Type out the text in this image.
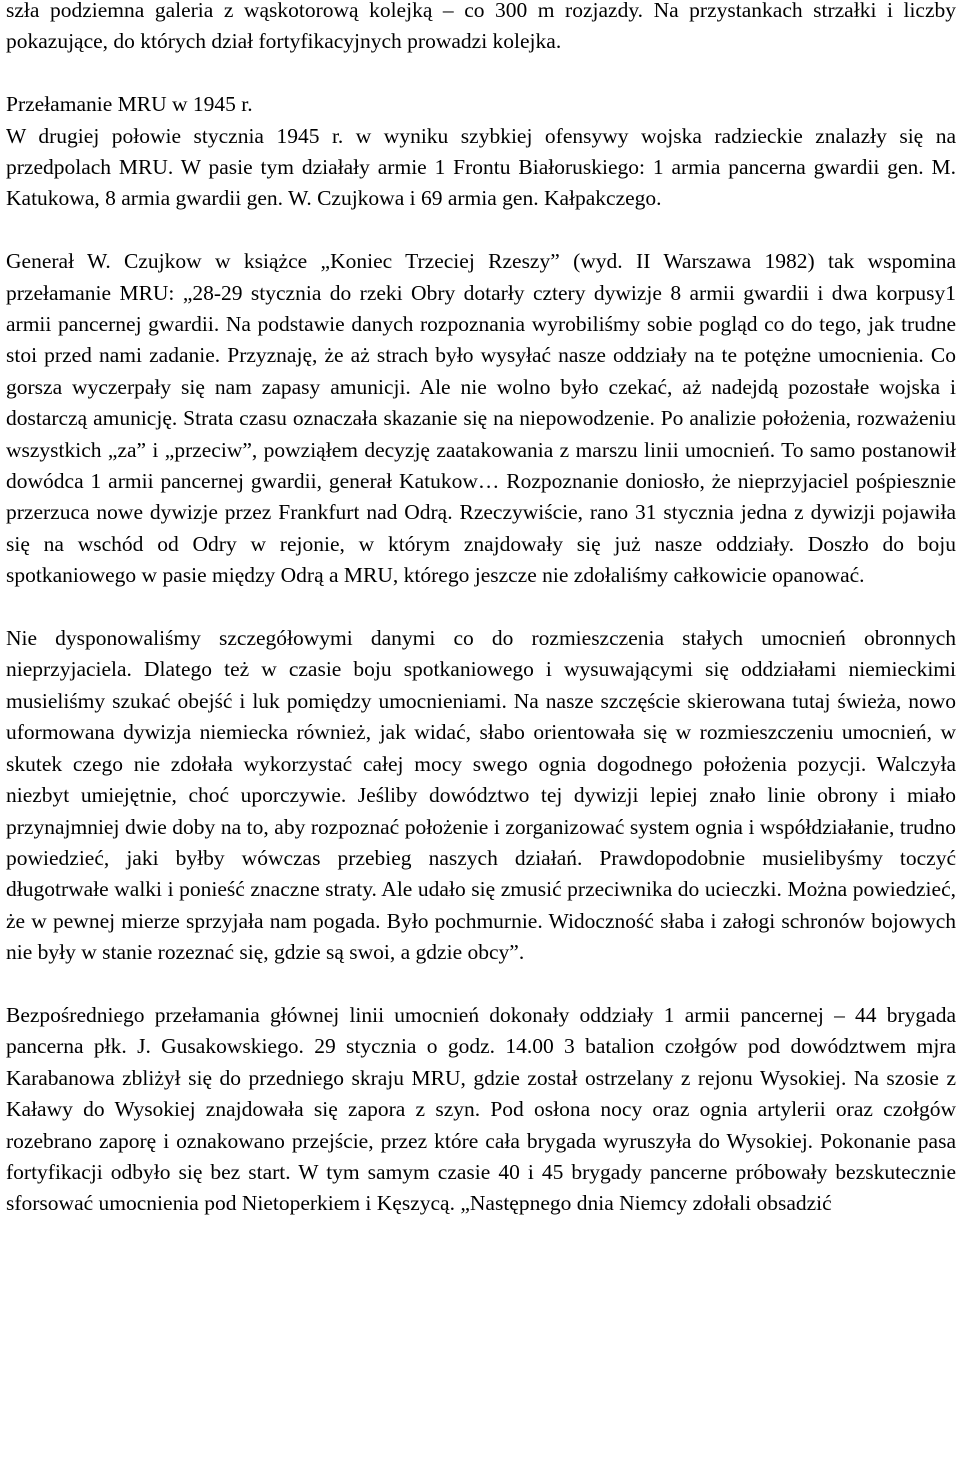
szła podziemna galeria z wąskotorową kolejką – co 300 m rozjazdy. Na przystankach strzałki i liczby pokazujące, do których dział fortyfikacyjnych prowadzi kolejka.

Przełamanie MRU w 1945 r.

W drugiej połowie stycznia 1945 r. w wyniku szybkiej ofensywy wojska radzieckie znalazły się na przedpolach MRU. W pasie tym działały armie 1 Frontu Białoruskiego: 1 armia pancerna gwardii gen. M. Katukowa, 8 armia gwardii gen. W. Czujkowa i 69 armia gen. Kałpakczego.

Generał W. Czujkow w książce „Koniec Trzeciej Rzeszy” (wyd. II Warszawa 1982) tak wspomina przełamanie MRU: „28-29 stycznia do rzeki Obry dotarły cztery dywizje 8 armii gwardii i dwa korpusy1 armii pancernej gwardii. Na podstawie danych rozpoznania wyrobiliśmy sobie pogląd co do tego, jak trudne stoi przed nami zadanie. Przyznaję, że aż strach było wysyłać nasze oddziały na te potężne umocnienia. Co gorsza wyczerpały się nam zapasy amunicji. Ale nie wolno było czekać, aż nadejdą pozostałe wojska i dostarczą amunicję. Strata czasu oznaczała skazanie się na niepowodzenie. Po analizie położenia, rozważeniu wszystkich „za” i „przeciw”, powziąłem decyzję zaatakowania z marszu linii umocnień. To samo postanowił dowódca 1 armii pancernej gwardii, generał Katukow… Rozpoznanie doniosło, że nieprzyjaciel pośpiesznie przerzuca nowe dywizje przez Frankfurt nad Odrą. Rzeczywiście, rano 31 stycznia jedna z dywizji pojawiła się na wschód od Odry w rejonie, w którym znajdowały się już nasze oddziały. Doszło do boju spotkaniowego w pasie między Odrą a MRU, którego jeszcze nie zdołaliśmy całkowicie opanować.

Nie dysponowaliśmy szczegółowymi danymi co do rozmieszczenia stałych umocnień obronnych nieprzyjaciela. Dlatego też w czasie boju spotkaniowego i wysuwającymi się oddziałami niemieckimi musieliśmy szukać obejść i luk pomiędzy umocnieniami. Na nasze szczęście skierowana tutaj świeża, nowo uformowana dywizja niemiecka również, jak widać, słabo orientowała się w rozmieszczeniu umocnień, w skutek czego nie zdołała wykorzystać całej mocy swego ognia dogodnego położenia pozycji. Walczyła niezbyt umiejętnie, choć uporczywie. Jeśliby dowództwo tej dywizji lepiej znało linie obrony i miało przynajmniej dwie doby na to, aby rozpoznać położenie i zorganizować system ognia i współdziałanie, trudno powiedzieć, jaki byłby wówczas przebieg naszych działań. Prawdopodobnie musielibyśmy toczyć długotrwałe walki i ponieść znaczne straty. Ale udało się zmusić przeciwnika do ucieczki. Można powiedzieć, że w pewnej mierze sprzyjała nam pogada. Było pochmurnie. Widoczność słaba i załogi schronów bojowych nie były w stanie rozeznać się, gdzie są swoi, a gdzie obcy”.

Bezpośredniego przełamania głównej linii umocnień dokonały oddziały 1 armii pancernej – 44 brygada pancerna płk. J. Gusakowskiego. 29 stycznia o godz. 14.00 3 batalion czołgów pod dowództwem mjra Karabanowa zbliżył się do przedniego skraju MRU, gdzie został ostrzelany z rejonu Wysokiej. Na szosie z Kaławy do Wysokiej znajdowała się zapora z szyn. Pod osłona nocy oraz ognia artylerii oraz czołgów rozebrano zaporę i oznakowano przejście, przez które cała brygada wyruszyła do Wysokiej. Pokonanie pasa fortyfikacji odbyło się bez start. W tym samym czasie 40 i 45 brygady pancerne próbowały bezskutecznie sforsować umocnienia pod Nietoperkiem i Kęszycą. „Następnego dnia Niemcy zdołali obsadzić
